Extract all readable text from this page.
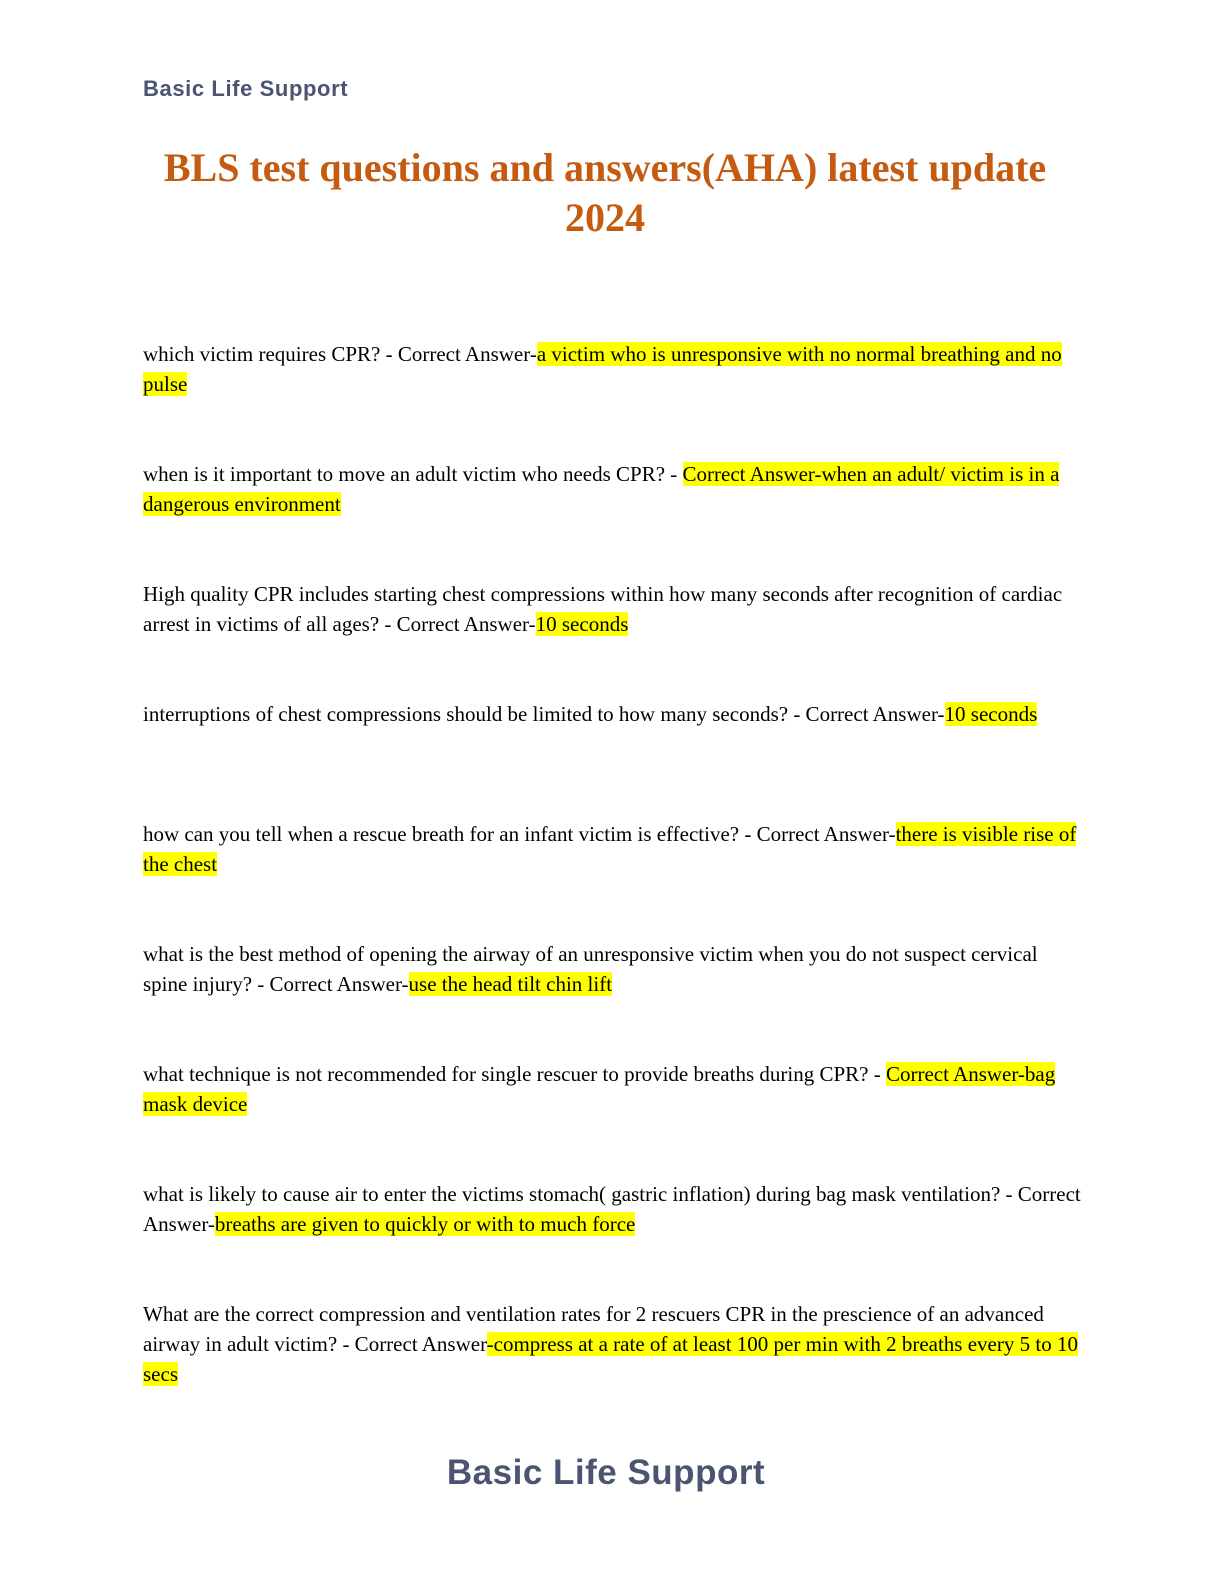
Basic Life Support
BLS test questions and answers(AHA) latest update 2024

which victim requires CPR? - Correct Answer-a victim who is unresponsive with no normal breathing and no pulse

when is it important to move an adult victim who needs CPR? - Correct Answer-when an adult/ victim is in a dangerous environment

High quality CPR includes starting chest compressions within how many seconds after recognition of cardiac arrest in victims of all ages? - Correct Answer-10 seconds

interruptions of chest compressions should be limited to how many seconds? - Correct Answer-10 seconds

how can you tell when a rescue breath for an infant victim is effective? - Correct Answer-there is visible rise of the chest

what is the best method of opening the airway of an unresponsive victim when you do not suspect cervical spine injury? - Correct Answer-use the head tilt chin lift

what technique is not recommended for single rescuer to provide breaths during CPR? - Correct Answer-bag mask device

what is likely to cause air to enter the victims stomach( gastric inflation) during bag mask ventilation? - Correct Answer-breaths are given to quickly or with to much force

What are the correct compression and ventilation rates for 2 rescuers CPR in the prescience of an advanced airway in adult victim? - Correct Answer-compress at a rate of at least 100 per min with 2 breaths every 5 to 10 secs

Basic Life Support
